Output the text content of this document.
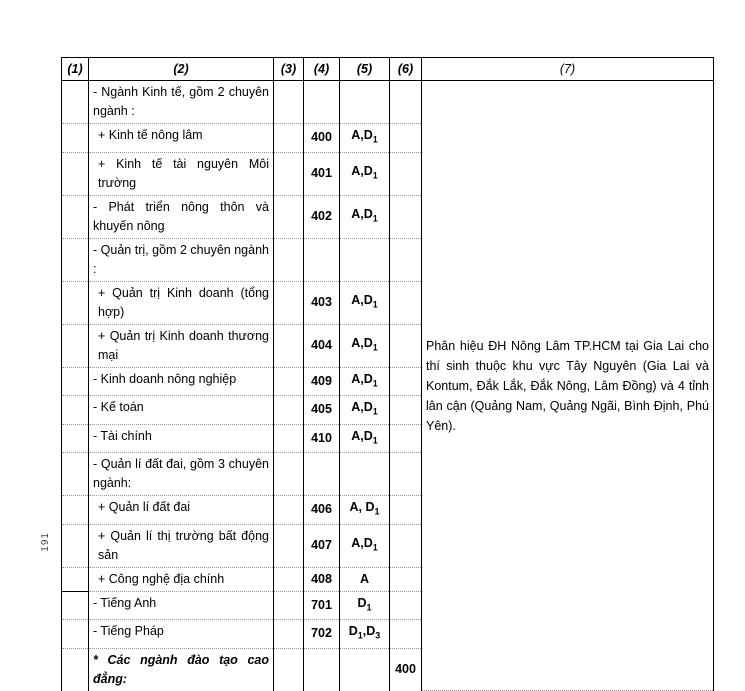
191
(1)	(2)	(3)	(4)	(5)	(6)	(7)
	- Ngành Kinh tế, gồm 2 chuyên ngành :					Phân hiệu ĐH Nông Lâm TP.HCM tại Gia Lai cho thí sinh thuộc khu vực Tây Nguyên (Gia Lai và Kontum, Đắk Lắk, Đắk Nông, Lâm Đồng) và 4 tỉnh lân cận (Quảng Nam, Quảng Ngãi, Bình Định, Phú Yên).
	+ Kinh tế nông lâm		400	$A,D_1$	
	+ Kinh tế tài nguyên Môi trường		401	$A,D_1$	
	- Phát triển nông thôn và khuyến nông		402	$A,D_1$	
	- Quản trị, gồm 2 chuyên ngành :					
	+ Quản trị Kinh doanh (tổng hợp)		403	$A,D_1$	
	+ Quản trị Kinh doanh thương mại		404	$A,D_1$	
	- Kinh doanh nông nghiệp		409	$A,D_1$	
	- Kế toán		405	$A,D_1$	
	- Tài chính		410	$A,D_1$	
	- Quản lí đất đai, gồm 3 chuyên ngành:					
	+ Quản lí đất đai		406	A, $D_1$	
	+ Quản lí thị trường bất động sản		407	$A,D_1$	
	+ Công nghệ địa chính		408	A		
	- Tiếng Anh		701	$D_1$	
	- Tiếng Pháp		702	$D_1,D_3$	
	* Các ngành đào tạo cao đẳng:				400	
